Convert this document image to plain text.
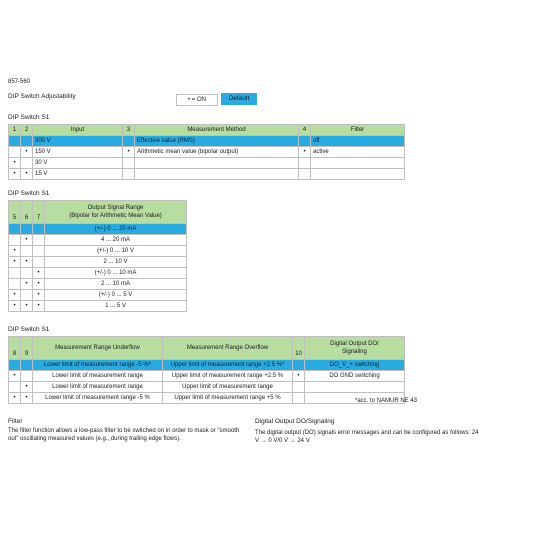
857-560
DIP Switch Adjustability	• = ON	Default
DIP Switch S1
1	2	Input	3	Measurement Method	4	Filter
		300 V		Effective value (RMS)		off
	•	150 V	•	Arithmetic mean value (bipolar output)	•	active
•		30 V				
•	•	15 V				
DIP Switch S1
5	6	7	Output Signal Range
(Bipolar for Arithmetic Mean Value)
			(+/-) 0 ... 20 mA
	•		4 ... 20 mA
•			(+/-) 0 ... 10 V
•	•		2 ... 10 V
		•	(+/-) 0 ... 10 mA
	•	•	2 ... 10 mA
•		•	(+/-) 0 ... 5 V
•	•	•	1 ... 5 V
DIP Switch S1
8	9	Measurement Range Underflow	Measurement Range Overflow	10	Digital Output DO/
Signaling
		Lower limit of measurement range -5 %*	Upper limit of measurement range +2.5 %*		DO_V_+ switching
•		Lower limit of measurement range	Upper limit of measurement range +2.5 %	•	DO GND switching
	•	Lower limit of measurement range	Upper limit of measurement range		
•	•	Lower limit of measurement range -5 %	Upper limit of measurement range +5 %		
*acc. to NAMUR NE 43
Filter
The filter function allows a low-pass filter to be switched on in order to mask or "smooth out" oscillating measured values (e.g., during trailing edge flows).
Digital Output DO/Signaling
The digital output (DO) signals error messages and can be configured as follows: 24 V → 0 V/0 V → 24 V.
